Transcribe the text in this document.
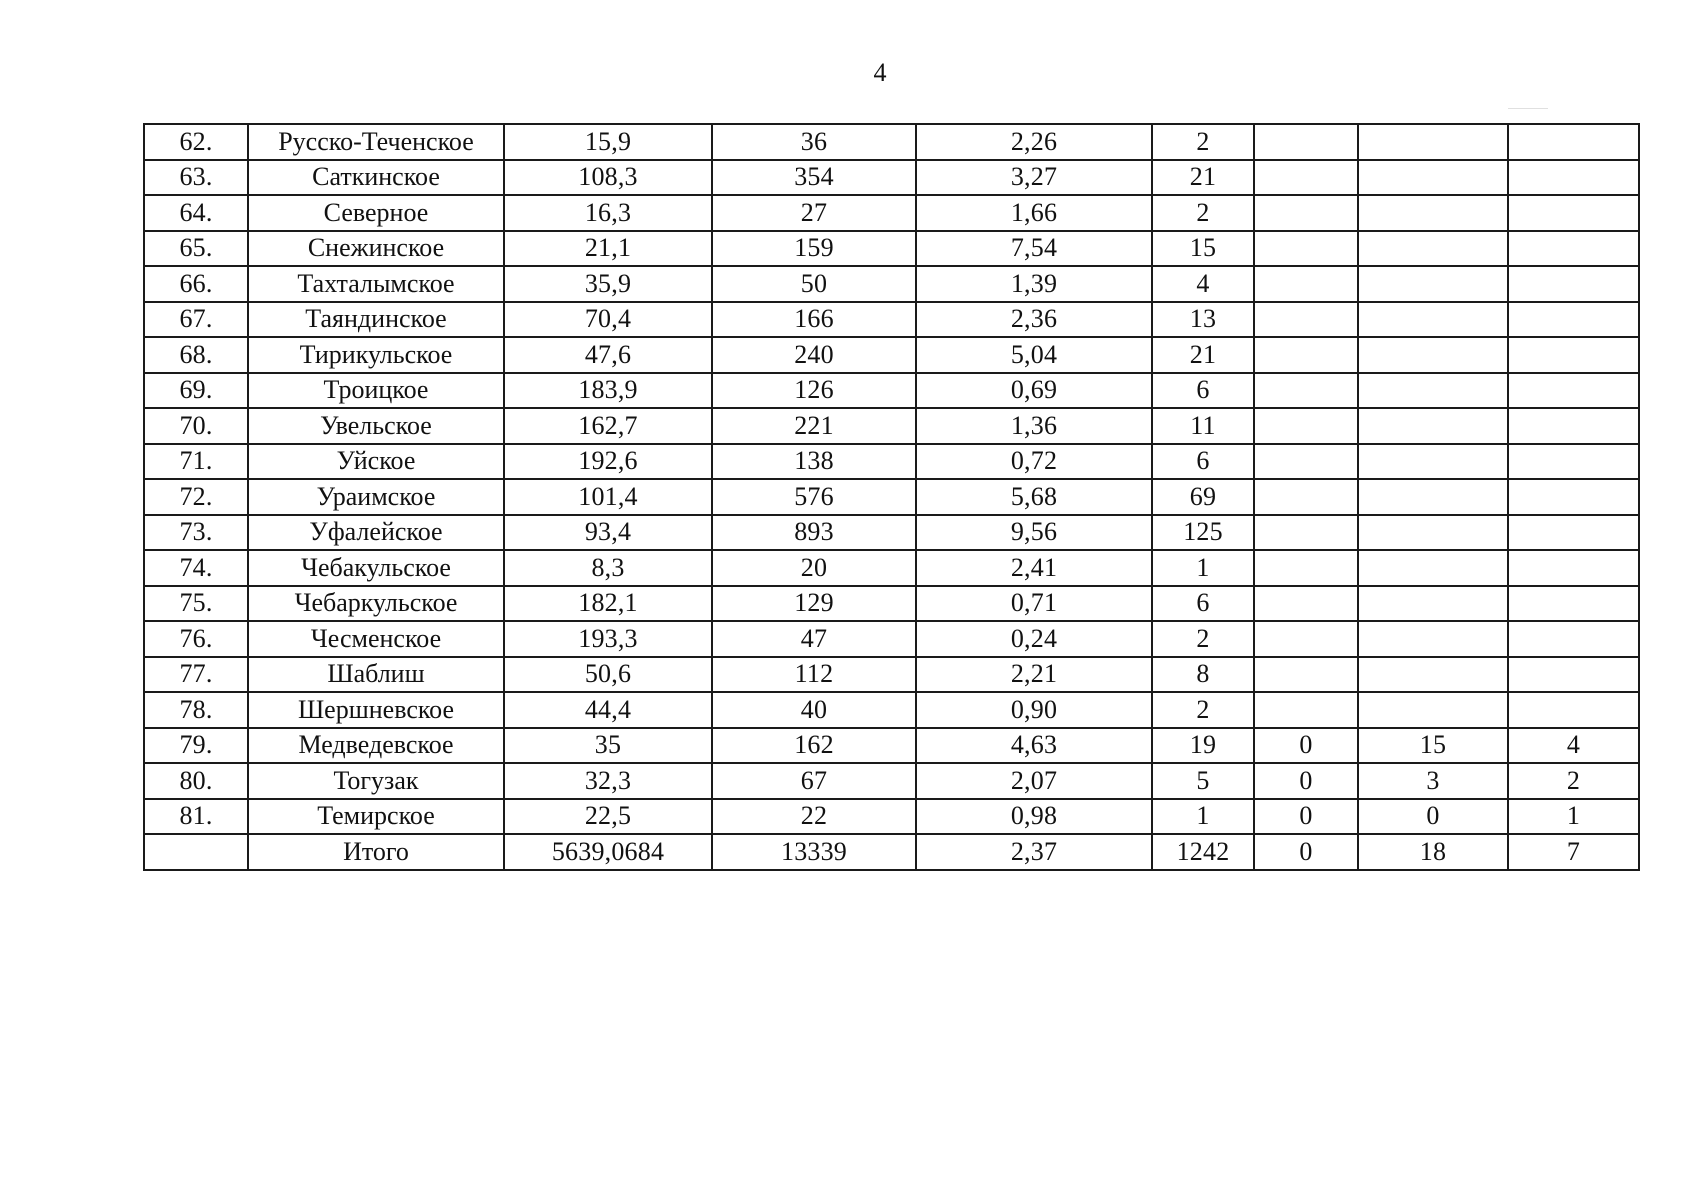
4
62.	Русско-Теченское	15,9	36	2,26	2			
63.	Саткинское	108,3	354	3,27	21			
64.	Северное	16,3	27	1,66	2			
65.	Снежинское	21,1	159	7,54	15			
66.	Тахталымское	35,9	50	1,39	4			
67.	Таяндинское	70,4	166	2,36	13			
68.	Тирикульское	47,6	240	5,04	21			
69.	Троицкое	183,9	126	0,69	6			
70.	Увельское	162,7	221	1,36	11			
71.	Уйское	192,6	138	0,72	6			
72.	Ураимское	101,4	576	5,68	69			
73.	Уфалейское	93,4	893	9,56	125			
74.	Чебакульское	8,3	20	2,41	1			
75.	Чебаркульское	182,1	129	0,71	6			
76.	Чесменское	193,3	47	0,24	2			
77.	Шаблиш	50,6	112	2,21	8			
78.	Шершневское	44,4	40	0,90	2			
79.	Медведевское	35	162	4,63	19	0	15	4
80.	Тогузак	32,3	67	2,07	5	0	3	2
81.	Темирское	22,5	22	0,98	1	0	0	1
	Итого	5639,0684	13339	2,37	1242	0	18	7
